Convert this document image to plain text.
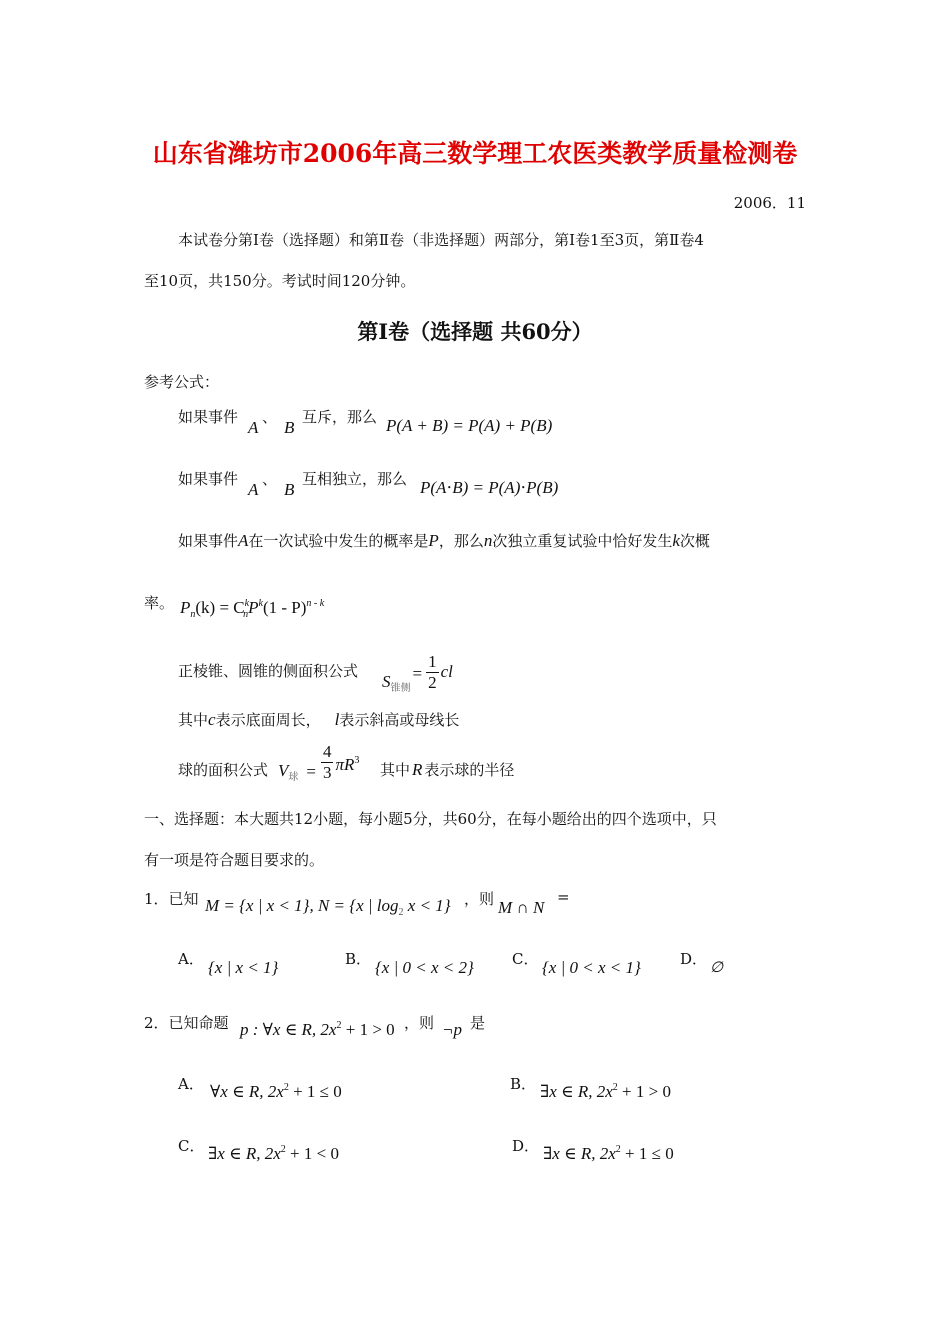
山东省潍坊市2006年高三数学理工农医类教学质量检测卷
2006．11
本试卷分第Ⅰ卷（选择题）和第Ⅱ卷（非选择题）两部分，第Ⅰ卷1至3页，第Ⅱ卷4
至10页，共150分。考试时间120分钟。
第Ⅰ卷（选择题 共60分）
参考公式：
如果事件
A
、
B
互斥，那么 P(A + B) = P(A) + P(B)
如果事件
A
、
B
互相独立，那么 P(A⋅B) = P(A)⋅P(B)
如果事件A在一次试验中发生的概率是P，那么n次独立重复试验中恰好发生k次概
率。 $P_n(k) = C^k_nP^k(1 - P)^{n - k}$
正棱锥、圆锥的侧面积公式
$S_{锥侧}$
= $\frac{1}{2}$ cl
其中c表示底面周长， l表示斜高或母线长
球的面积公式 $V_球 = \frac{4}{3} \pi R^3$
其中 R 表示球的半径
一、选择题：本大题共12小题，每小题5分，共60分，在每小题给出的四个选项中，只
有一项是符合题目要求的。
1．已知 M = {x | x < 1}, N = {x | $\log_2 x < 1$} ，则 M ∩ N
=
A． {x | x < 1}	B． {x | 0 < x < 2}	C． {x | 0 < x < 1}	D． ∅
2．已知命题 p : ∀x ∈ R, $2x^2 + 1 > 0$ ，则 ¬p 是
A． ∀x ∈ R, $2x^2 + 1 \le 0$	B． ∃x ∈ R, $2x^2 + 1 > 0$
C． ∃x ∈ R, $2x^2 + 1 < 0$	D． ∃x ∈ R, $2x^2 + 1 \le 0$
